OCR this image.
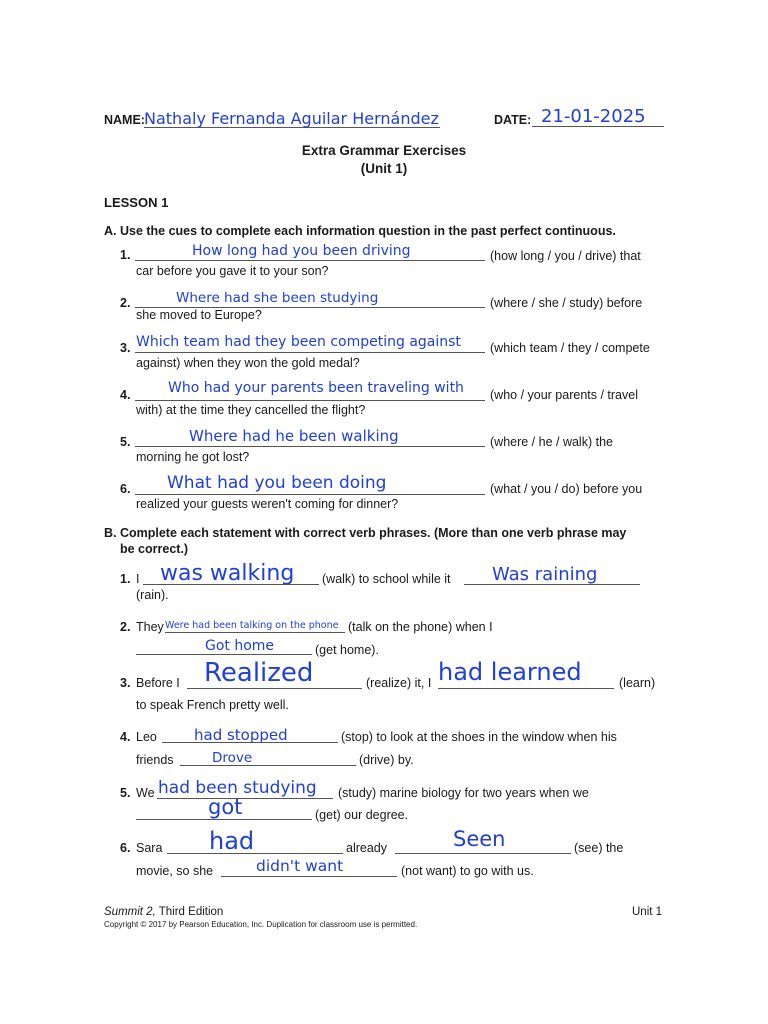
NAME: Nathaly Fernanda Aguilar Hernández	DATE: 21-01-2025
Extra Grammar Exercises
(Unit 1)
LESSON 1
A. Use the cues to complete each information question in the past perfect continuous.
1.	How long had you been driving	(how long / you / drive) that
car before you gave it to your son?
2.	Where had she been studying	(where / she / study) before
she moved to Europe?
3. Which team had they been competing against (which team / they / compete
against) when they won the gold medal?
4.	Who had your parents been traveling with (who / your parents / travel
with) at the time they cancelled the flight?
5.	Where had he been walking	(where / he / walk) the
morning he got lost?
6. What had you been doing	(what / you / do) before you
realized your guests weren't coming for dinner?
B. Complete each statement with correct verb phrases. (More than one verb phrase may
be correct.)
1. I was walking (walk) to school while it Was raining
(rain).
2. They Were had been talking on the phone (talk on the phone) when I
Got home	(get home).
3. Before I Realized	(realize) it, I had learned	(learn)
to speak French pretty well.
4. Leo had stopped	(stop) to look at the shoes in the window when his
friends	Drove	(drive) by.
5. We had been studying (study) marine biology for two years when we
got	(get) our degree.
6. Sara had	already	Seen	(see) the
movie, so she	didn't want	(not want) to go with us.
Summit 2, Third Edition	Unit 1
Copyright © 2017 by Pearson Education, Inc. Duplication for classroom use is permitted.
